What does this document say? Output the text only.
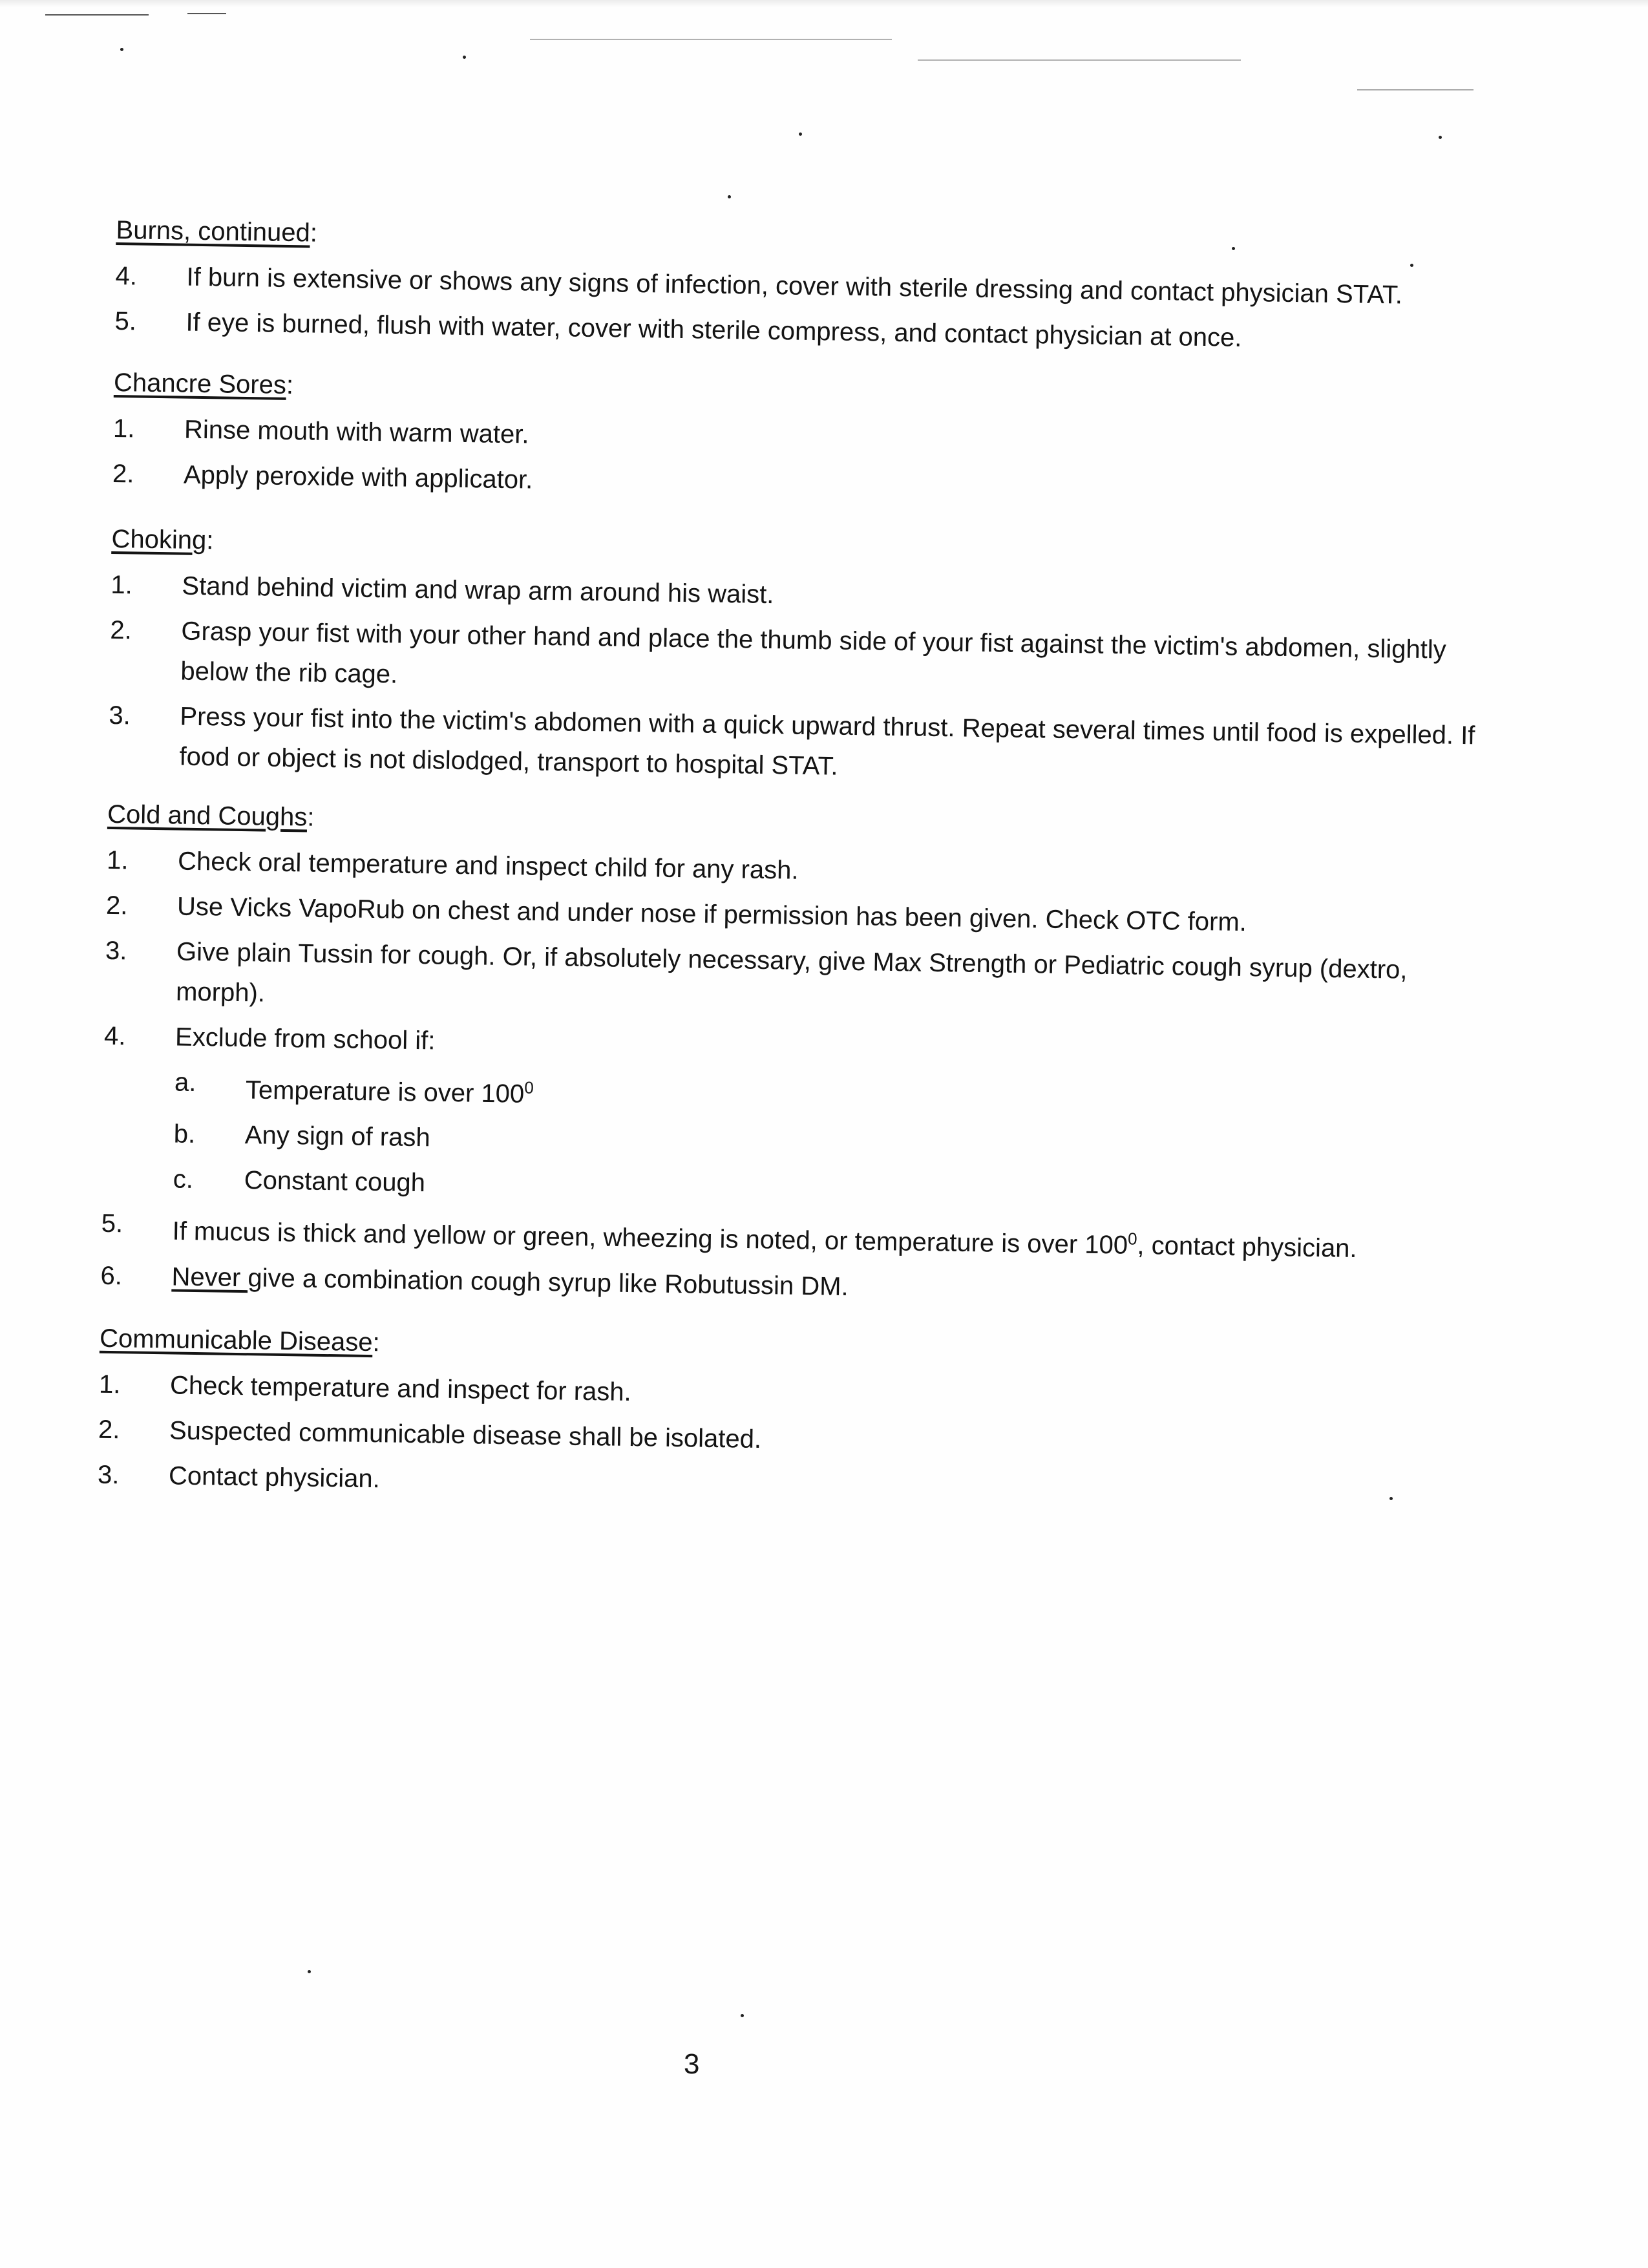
Burns, continued:
4.	If burn is extensive or shows any signs of infection, cover with sterile dressing and contact physician STAT.
5.	If eye is burned, flush with water, cover with sterile compress, and contact physician at once.
Chancre Sores:
1.	Rinse mouth with warm water.
2.	Apply peroxide with applicator.
Choking:
1.	Stand behind victim and wrap arm around his waist.
2.	Grasp your fist with your other hand and place the thumb side of your fist against the victim's abdomen, slightly below the rib cage.
3.	Press your fist into the victim's abdomen with a quick upward thrust. Repeat several times until food is expelled. If food or object is not dislodged, transport to hospital STAT.
Cold and Coughs:
1.	Check oral temperature and inspect child for any rash.
2.	Use Vicks VapoRub on chest and under nose if permission has been given. Check OTC form.
3.	Give plain Tussin for cough. Or, if absolutely necessary, give Max Strength or Pediatric cough syrup (dextro, morph).
4.	Exclude from school if:
a.	Temperature is over $100^0$
b.	Any sign of rash
c.	Constant cough
5.	If mucus is thick and yellow or green, wheezing is noted, or temperature is over $100^0$, contact physician.
6.	Never give a combination cough syrup like Robutussin DM.
Communicable Disease:
1.	Check temperature and inspect for rash.
2.	Suspected communicable disease shall be isolated.
3.	Contact physician.
3
